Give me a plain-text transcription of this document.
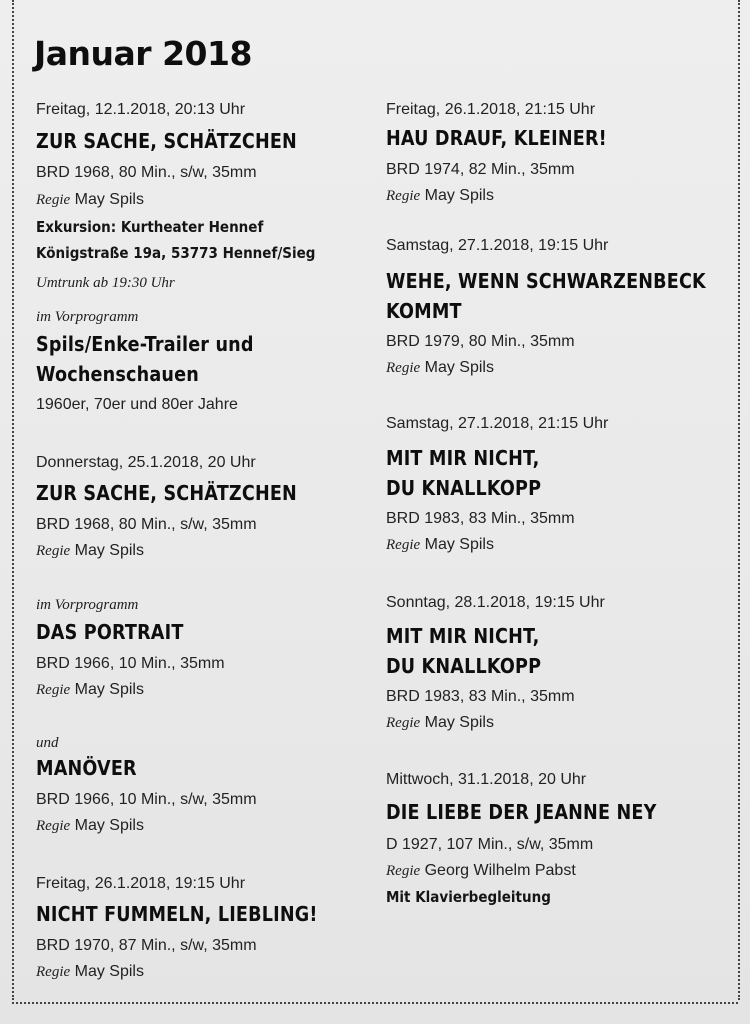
Januar 2018

Freitag, 12.1.2018, 20:13 Uhr

ZUR SACHE, SCHÄTZCHEN

BRD 1968, 80 Min., s/w, 35mm

Regie May Spils

Exkursion: Kurtheater Hennef

Königstraße 19a, 53773 Hennef/Sieg

Umtrunk ab 19:30 Uhr

im Vorprogramm

Spils/Enke-Trailer und

Wochenschauen

1960er, 70er und 80er Jahre

Donnerstag, 25.1.2018, 20 Uhr

ZUR SACHE, SCHÄTZCHEN

BRD 1968, 80 Min., s/w, 35mm

Regie May Spils

im Vorprogramm

DAS PORTRAIT

BRD 1966, 10 Min., 35mm

Regie May Spils

und

MANÖVER

BRD 1966, 10 Min., s/w, 35mm

Regie May Spils

Freitag, 26.1.2018, 19:15 Uhr

NICHT FUMMELN, LIEBLING!

BRD 1970, 87 Min., s/w, 35mm

Regie May Spils

Freitag, 26.1.2018, 21:15 Uhr

HAU DRAUF, KLEINER!

BRD 1974, 82 Min., 35mm

Regie May Spils

Samstag, 27.1.2018, 19:15 Uhr

WEHE, WENN SCHWARZENBECK

KOMMT

BRD 1979, 80 Min., 35mm

Regie May Spils

Samstag, 27.1.2018, 21:15 Uhr

MIT MIR NICHT,

DU KNALLKOPP

BRD 1983, 83 Min., 35mm

Regie May Spils

Sonntag, 28.1.2018, 19:15 Uhr

MIT MIR NICHT,

DU KNALLKOPP

BRD 1983, 83 Min., 35mm

Regie May Spils

Mittwoch, 31.1.2018, 20 Uhr

DIE LIEBE DER JEANNE NEY

D 1927, 107 Min., s/w, 35mm

Regie Georg Wilhelm Pabst

Mit Klavierbegleitung
